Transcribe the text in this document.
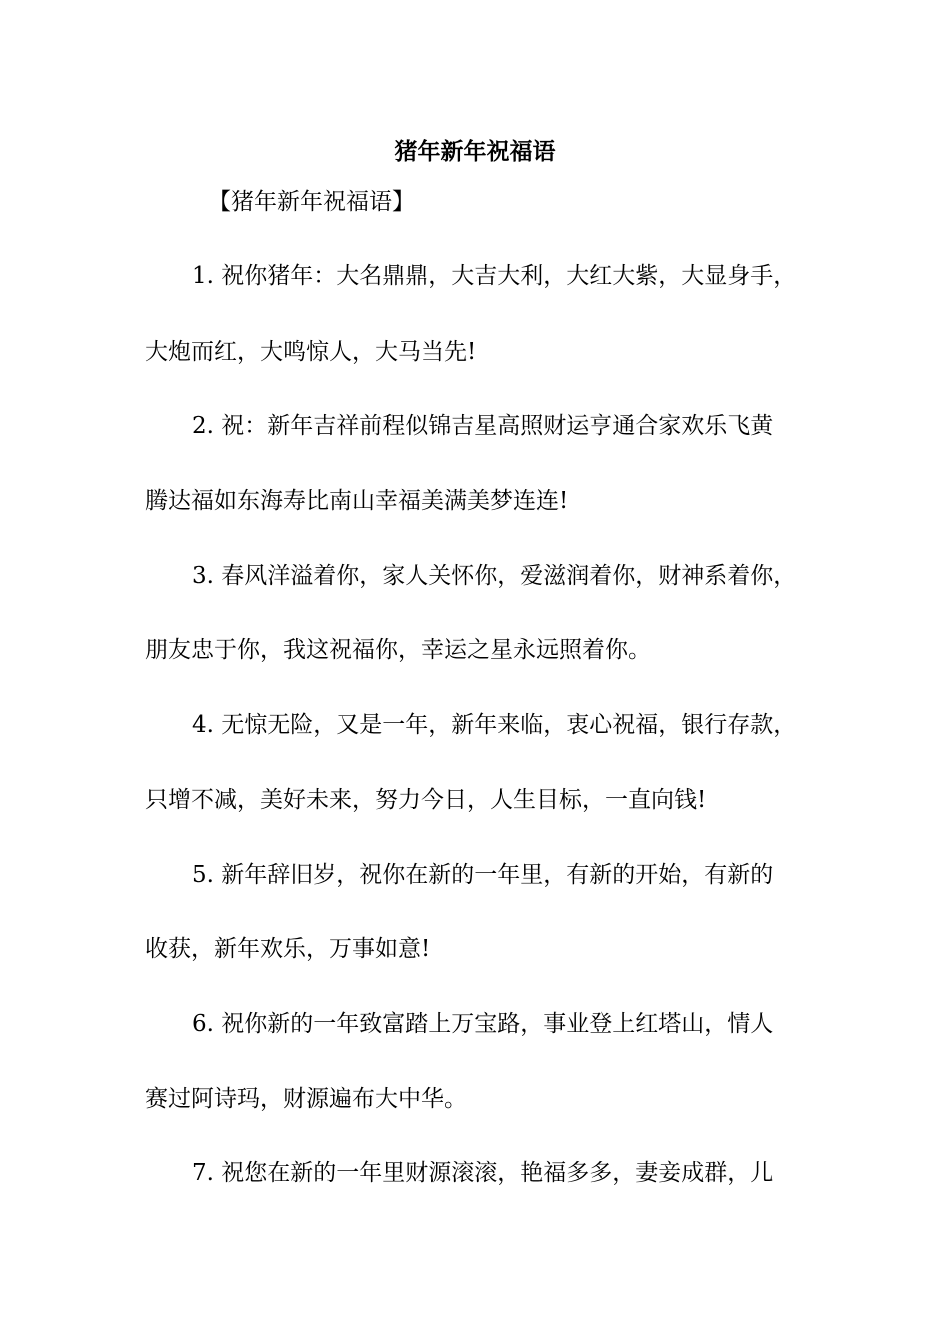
猪年新年祝福语
【猪年新年祝福语】
1. 祝你猪年：大名鼎鼎，大吉大利，大红大紫，大显身手，
大炮而红，大鸣惊人，大马当先!
2. 祝：新年吉祥前程似锦吉星高照财运亨通合家欢乐飞黄
腾达福如东海寿比南山幸福美满美梦连连!
3. 春风洋溢着你，家人关怀你，爱滋润着你，财神系着你，
朋友忠于你，我这祝福你，幸运之星永远照着你。
4. 无惊无险，又是一年，新年来临，衷心祝福，银行存款，
只增不减，美好未来，努力今日，人生目标，一直向钱!
5. 新年辞旧岁，祝你在新的一年里，有新的开始，有新的
收获，新年欢乐，万事如意!
6. 祝你新的一年致富踏上万宝路，事业登上红塔山，情人
赛过阿诗玛，财源遍布大中华。
7. 祝您在新的一年里财源滚滚，艳福多多，妻妾成群，儿
